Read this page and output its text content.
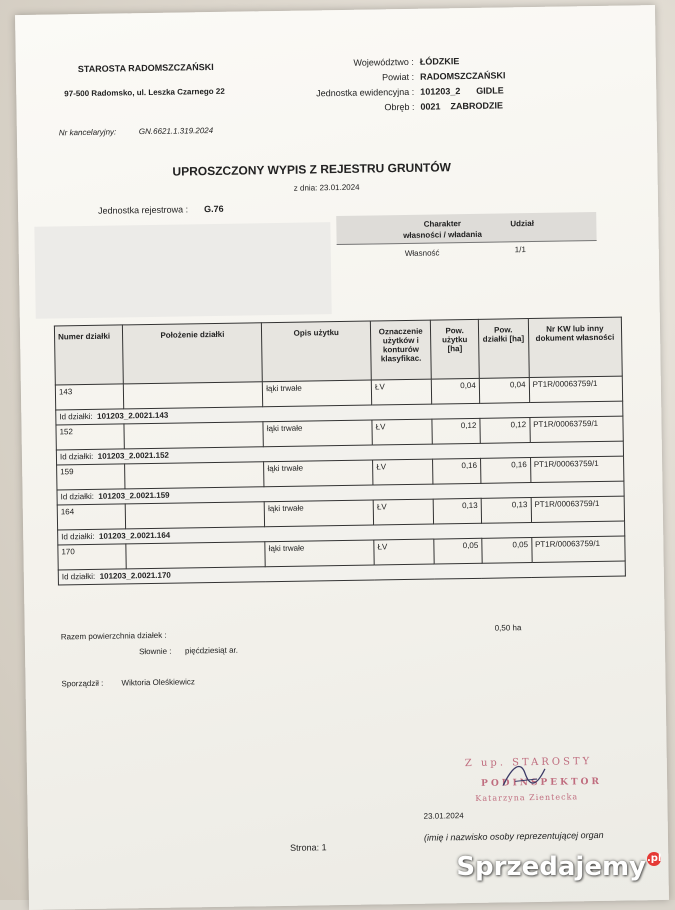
STAROSTA RADOMSZCZAŃSKI
97-500 Radomsko, ul. Leszka Czarnego 22
Nr kancelaryjny:	GN.6621.1.319.2024
Województwo : ŁÓDZKIE
Powiat : RADOMSZCZAŃSKI
Jednostka ewidencyjna : 101203_2 GIDLE
Obręb : 0021 ZABRODZIE
UPROSZCZONY WYPIS Z REJESTRU GRUNTÓW
z dnia: 23.01.2024
Jednostka rejestrowa : G.76
Charakter
własności / władania
Udział
Własność	1/1
Numer działki	Położenie działki	Opis użytku	Oznaczenie użytków i konturów klasyfikac.	Pow. użytku [ha]	Pow. działki [ha]	Nr KW lub inny dokument własności
143		łąki trwałe	ŁV	0,04	0,04	PT1R/00063759/1
Id działki: 101203_2.0021.143						
152		łąki trwałe	ŁV	0,12	0,12	PT1R/00063759/1
Id działki: 101203_2.0021.152						
159		łąki trwałe	ŁV	0,16	0,16	PT1R/00063759/1
Id działki: 101203_2.0021.159						
164		łąki trwałe	ŁV	0,13	0,13	PT1R/00063759/1
Id działki: 101203_2.0021.164						
170		łąki trwałe	ŁV	0,05	0,05	PT1R/00063759/1
Id działki: 101203_2.0021.170						
Razem powierzchnia działek :
0,50 ha
Słownie : pięćdziesiąt ar.
Sporządził : Wiktoria Oleśkiewicz
Z up. STAROSTY
PODINSPEKTOR
Katarzyna Zientecka
23.01.2024
(imię i nazwisko osoby reprezentującej organ
Strona: 1
Sprzedajemy.pl
